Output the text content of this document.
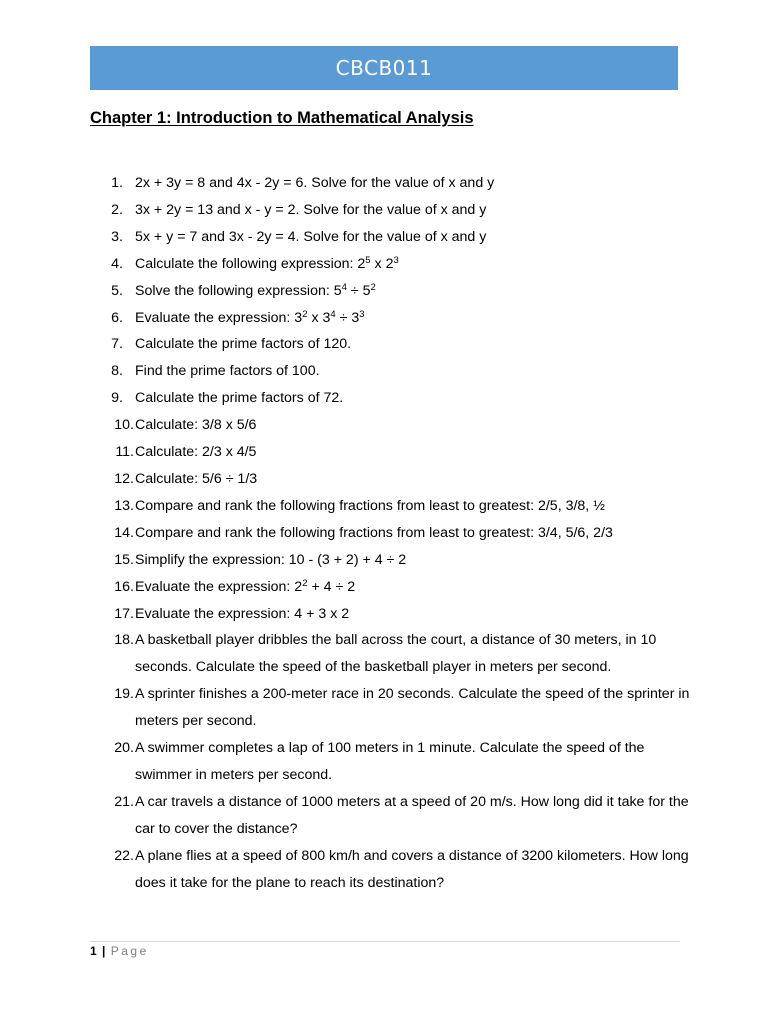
CBCB011
Chapter 1: Introduction to Mathematical Analysis
1. 2x + 3y = 8 and 4x - 2y = 6. Solve for the value of x and y
2. 3x + 2y = 13 and x - y = 2. Solve for the value of x and y
3. 5x + y = 7 and 3x - 2y = 4. Solve for the value of x and y
4. Calculate the following expression: $2^5$ x $2^3$
5. Solve the following expression: $5^4 \div 5^2$
6. Evaluate the expression: $3^2$ x $3^4 \div 3^3$
7. Calculate the prime factors of 120.
8. Find the prime factors of 100.
9. Calculate the prime factors of 72.
10. Calculate: 3/8 x 5/6
11. Calculate: 2/3 x 4/5
12. Calculate: 5/6 ÷ 1/3
13. Compare and rank the following fractions from least to greatest: 2/5, 3/8, ½
14. Compare and rank the following fractions from least to greatest: 3/4, 5/6, 2/3
15. Simplify the expression: 10 - (3 + 2) + 4 ÷ 2
16. Evaluate the expression: $2^2 + 4 \div 2$
17. Evaluate the expression: 4 + 3 x 2
18. A basketball player dribbles the ball across the court, a distance of 30 meters, in 10 seconds. Calculate the speed of the basketball player in meters per second.
19. A sprinter finishes a 200-meter race in 20 seconds. Calculate the speed of the sprinter in meters per second.
20. A swimmer completes a lap of 100 meters in 1 minute. Calculate the speed of the swimmer in meters per second.
21. A car travels a distance of 1000 meters at a speed of 20 m/s. How long did it take for the car to cover the distance?
22. A plane flies at a speed of 800 km/h and covers a distance of 3200 kilometers. How long does it take for the plane to reach its destination?
1 | Page
